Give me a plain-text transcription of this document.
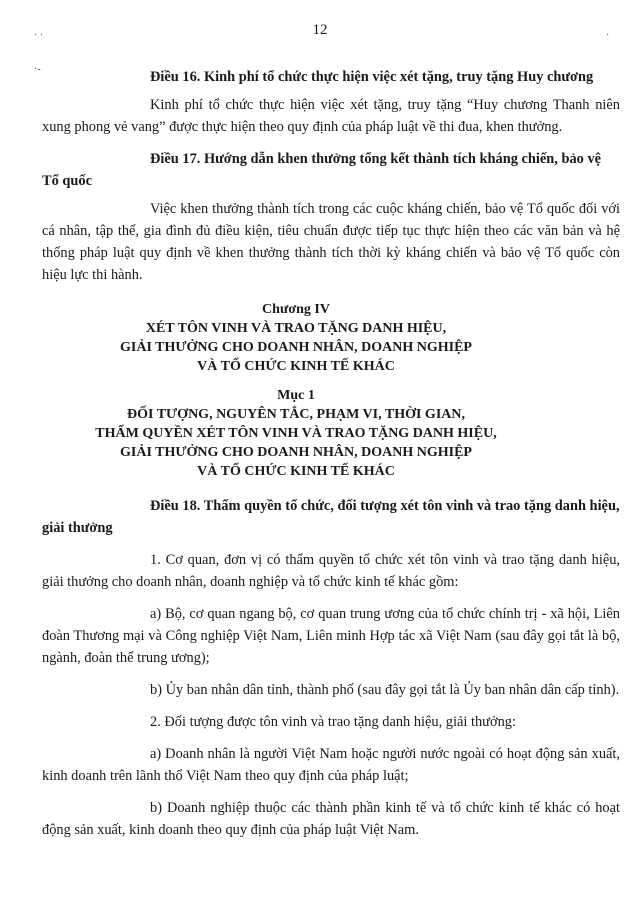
12
· ·
·-
·

Điều 16. Kinh phí tổ chức thực hiện việc xét tặng, truy tặng Huy chương

Kinh phí tổ chức thực hiện việc xét tặng, truy tặng “Huy chương Thanh niên xung phong vẻ vang” được thực hiện theo quy định của pháp luật về thi đua, khen thưởng.

Điều 17. Hướng dẫn khen thưởng tổng kết thành tích kháng chiến, bảo vệ Tổ quốc

Việc khen thưởng thành tích trong các cuộc kháng chiến, bảo vệ Tổ quốc đối với cá nhân, tập thể, gia đình đủ điều kiện, tiêu chuẩn được tiếp tục thực hiện theo các văn bản và hệ thống pháp luật quy định về khen thưởng thành tích thời kỳ kháng chiến và bảo vệ Tổ quốc còn hiệu lực thi hành.

Chương IV

XÉT TÔN VINH VÀ TRAO TẶNG DANH HIỆU,

GIẢI THƯỞNG CHO DOANH NHÂN, DOANH NGHIỆP

VÀ TỔ CHỨC KINH TẾ KHÁC

Mục 1

ĐỐI TƯỢNG, NGUYÊN TẮC, PHẠM VI, THỜI GIAN,

THẨM QUYỀN XÉT TÔN VINH VÀ TRAO TẶNG DANH HIỆU,

GIẢI THƯỞNG CHO DOANH NHÂN, DOANH NGHIỆP

VÀ TỔ CHỨC KINH TẾ KHÁC

Điều 18. Thẩm quyền tổ chức, đối tượng xét tôn vinh và trao tặng danh hiệu, giải thưởng

1. Cơ quan, đơn vị có thẩm quyền tổ chức xét tôn vinh và trao tặng danh hiệu, giải thưởng cho doanh nhân, doanh nghiệp và tổ chức kinh tế khác gồm:

a) Bộ, cơ quan ngang bộ, cơ quan trung ương của tổ chức chính trị - xã hội, Liên đoàn Thương mại và Công nghiệp Việt Nam, Liên minh Hợp tác xã Việt Nam (sau đây gọi tắt là bộ, ngành, đoàn thể trung ương);

b) Ủy ban nhân dân tỉnh, thành phố (sau đây gọi tắt là Ủy ban nhân dân cấp tỉnh).

2. Đối tượng được tôn vinh và trao tặng danh hiệu, giải thưởng:

a) Doanh nhân là người Việt Nam hoặc người nước ngoài có hoạt động sản xuất, kinh doanh trên lãnh thổ Việt Nam theo quy định của pháp luật;

b) Doanh nghiệp thuộc các thành phần kinh tế và tổ chức kinh tế khác có hoạt động sản xuất, kinh doanh theo quy định của pháp luật Việt Nam.
